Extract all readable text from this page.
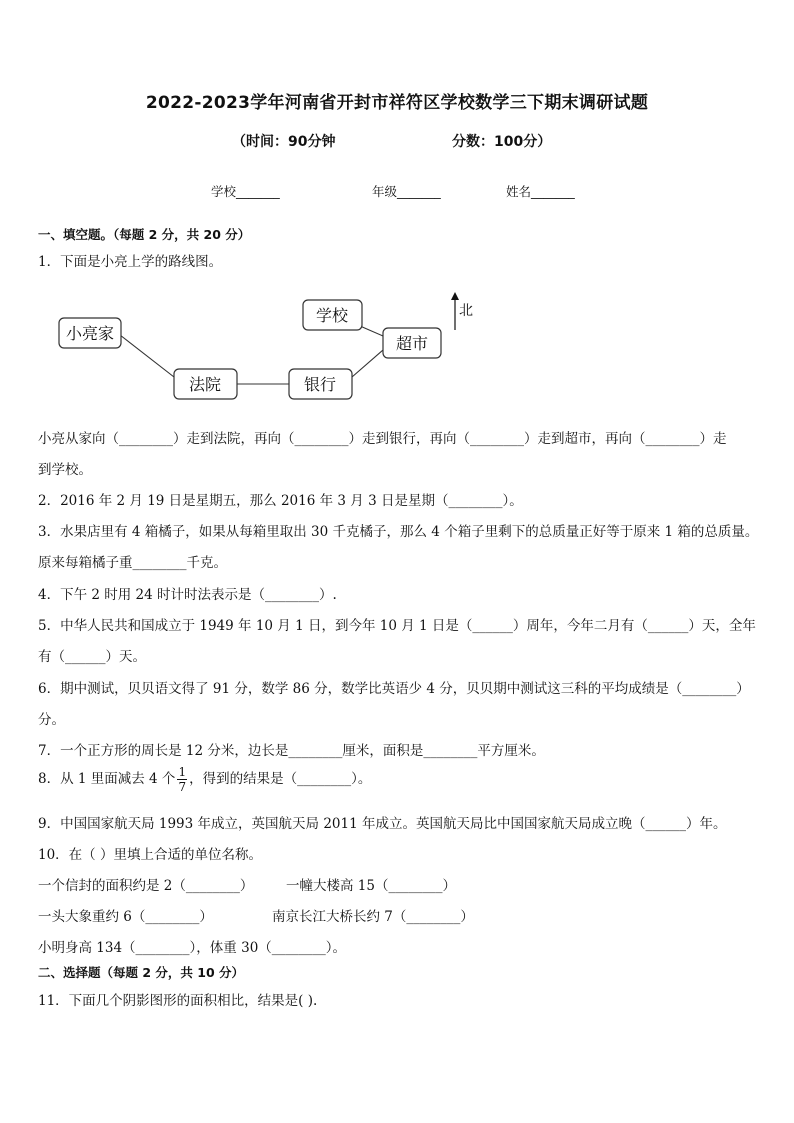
2022-2023学年河南省开封市祥符区学校数学三下期末调研试题
（时间：90分钟	分数：100分）
学校_______	年级_______	姓名_______
一、填空题。（每题 2 分，共 20 分）
1．下面是小亮上学的路线图。
小亮家
法院	银行
学校
超市
北
小亮从家向（________）走到法院，再向（________）走到银行，再向（________）走到超市，再向（________）走
到学校。
2．2016 年 2 月 19 日是星期五，那么 2016 年 3 月 3 日是星期（________）。
3．水果店里有 4 箱橘子，如果从每箱里取出 30 千克橘子，那么 4 个箱子里剩下的总质量正好等于原来 1 箱的总质量。
原来每箱橘子重________千克。
4．下午 2 时用 24 时计时法表示是（________）.
5．中华人民共和国成立于 1949 年 10 月 1 日，到今年 10 月 1 日是（______）周年，今年二月有（______）天，全年
有（______）天。
6．期中测试，贝贝语文得了 91 分，数学 86 分，数学比英语少 4 分，贝贝期中测试这三科的平均成绩是（________）
分。
7．一个正方形的周长是 12 分米，边长是________厘米，面积是________平方厘米。
8．从 1 里面减去 4 个 $\frac{1}{7}$ ，得到的结果是（________）。
9．中国国家航天局 1993 年成立，英国航天局 2011 年成立。英国航天局比中国国家航天局成立晚（______）年。
10．在（ ）里填上合适的单位名称。
一个信封的面积约是 2（________） 一幢大楼高 15（________）
一头大象重约 6（________）	南京长江大桥长约 7（________）
小明身高 134（________），体重 30（________）。
二、选择题（每题 2 分，共 10 分）
11．下面几个阴影图形的面积相比，结果是( ).
